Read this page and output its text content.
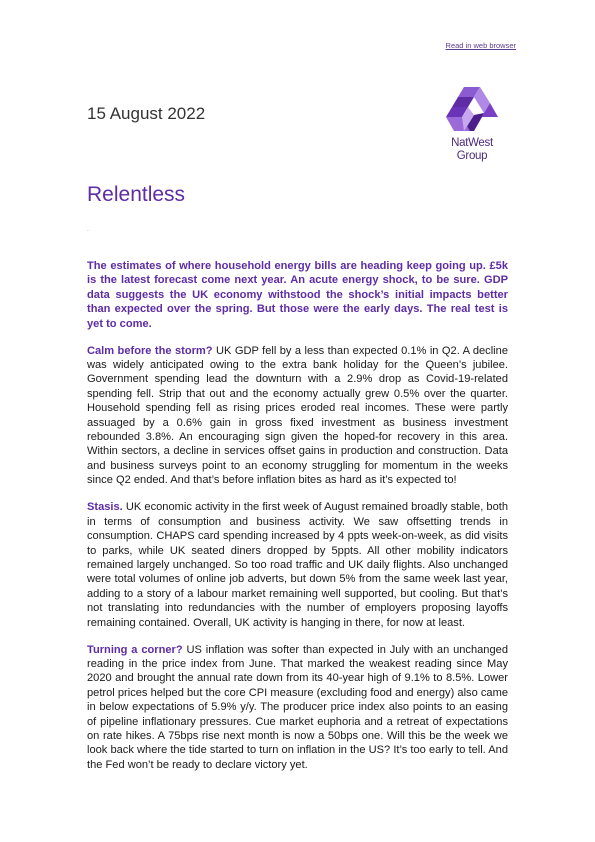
Read in web browser
15 August 2022
NatWest
Group
Relentless
.

The estimates of where household energy bills are heading keep going up. £5k is the latest forecast come next year. An acute energy shock, to be sure. GDP data suggests the UK economy withstood the shock’s initial impacts better than expected over the spring. But those were the early days. The real test is yet to come.

Calm before the storm? UK GDP fell by a less than expected 0.1% in Q2. A decline was widely anticipated owing to the extra bank holiday for the Queen’s jubilee. Government spending lead the downturn with a 2.9% drop as Covid-19-related spending fell. Strip that out and the economy actually grew 0.5% over the quarter. Household spending fell as rising prices eroded real incomes. These were partly assuaged by a 0.6% gain in gross fixed investment as business investment rebounded 3.8%. An encouraging sign given the hoped-for recovery in this area. Within sectors, a decline in services offset gains in production and construction. Data and business surveys point to an economy struggling for momentum in the weeks since Q2 ended. And that’s before inflation bites as hard as it’s expected to!

Stasis. UK economic activity in the first week of August remained broadly stable, both in terms of consumption and business activity. We saw offsetting trends in consumption. CHAPS card spending increased by 4 ppts week-on-week, as did visits to parks, while UK seated diners dropped by 5ppts. All other mobility indicators remained largely unchanged. So too road traffic and UK daily flights. Also unchanged were total volumes of online job adverts, but down 5% from the same week last year, adding to a story of a labour market remaining well supported, but cooling. But that’s not translating into redundancies with the number of employers proposing layoffs remaining contained. Overall, UK activity is hanging in there, for now at least.

Turning a corner? US inflation was softer than expected in July with an unchanged reading in the price index from June. That marked the weakest reading since May 2020 and brought the annual rate down from its 40-year high of 9.1% to 8.5%. Lower petrol prices helped but the core CPI measure (excluding food and energy) also came in below expectations of 5.9% y/y. The producer price index also points to an easing of pipeline inflationary pressures. Cue market euphoria and a retreat of expectations on rate hikes. A 75bps rise next month is now a 50bps one. Will this be the week we look back where the tide started to turn on inflation in the US? It’s too early to tell. And the Fed won’t be ready to declare victory yet.
